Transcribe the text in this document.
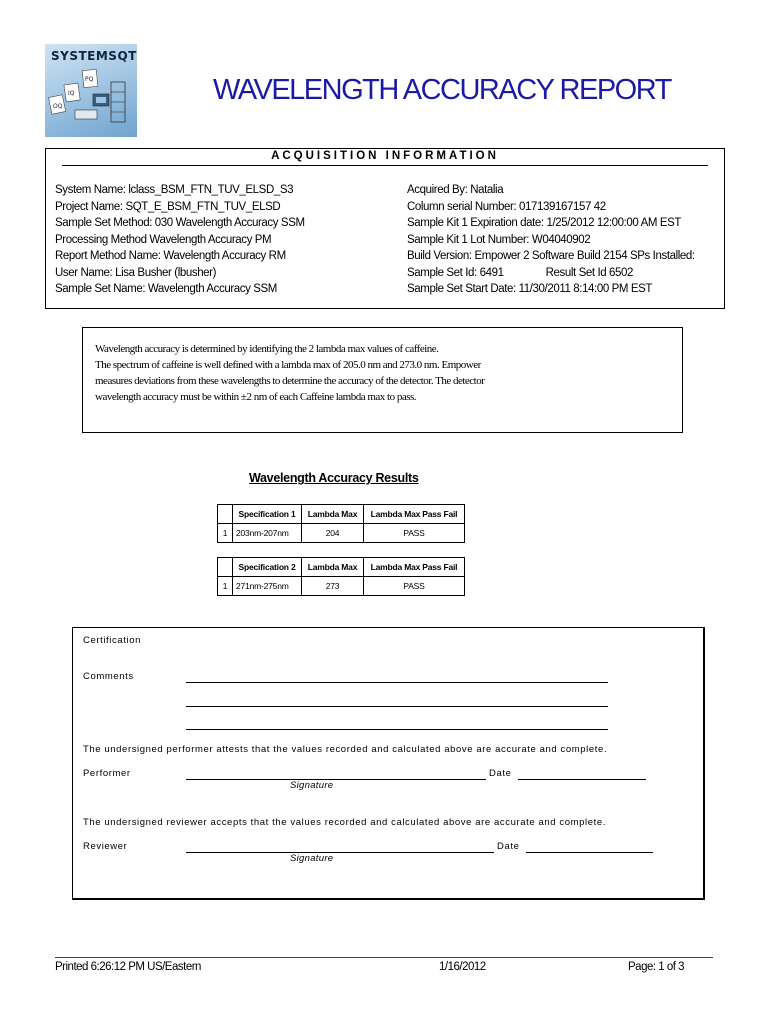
SYSTEMSQT
OQ
IQ
PQ	WAVELENGTH ACCURACY REPORT
ACQUISITION INFORMATION
System Name: lclass_BSM_FTN_TUV_ELSD_S3
Project Name: SQT_E_BSM_FTN_TUV_ELSD
Sample Set Method: 030 Wavelength Accuracy SSM
Processing Method Wavelength Accuracy PM
Report Method Name: Wavelength Accuracy RM
User Name: Lisa Busher (lbusher)
Sample Set Name: Wavelength Accuracy SSM
Acquired By: Natalia
Column serial Number: 017139167157 42
Sample Kit 1 Expiration date: 1/25/2012 12:00:00 AM EST
Sample Kit 1 Lot Number: W04040902
Build Version: Empower 2 Software Build 2154 SPs Installed:
Sample Set Id: 6491	Result Set Id 6502
Sample Set Start Date: 11/30/2011 8:14:00 PM EST
Wavelength accuracy is determined by identifying the 2 lambda max values of caffeine.
The spectrum of caffeine is well defined with a lambda max of 205.0 nm and 273.0 nm. Empower
measures deviations from these wavelengths to determine the accuracy of the detector. The detector
wavelength accuracy must be within ±2 nm of each Caffeine lambda max to pass.
Wavelength Accuracy Results
	Specification 1	Lambda Max	Lambda Max Pass Fail
1	203nm-207nm	204	PASS
	Specification 2	Lambda Max	Lambda Max Pass Fail
1	271nm-275nm	273	PASS
Certification
Comments
The undersigned performer attests that the values recorded and calculated above are accurate and complete.
Performer	Date
Signature
The undersigned reviewer accepts that the values recorded and calculated above are accurate and complete.
Reviewer	Date
Signature
Printed 6:26:12 PM US/Eastern	1/16/2012	Page: 1 of 3
